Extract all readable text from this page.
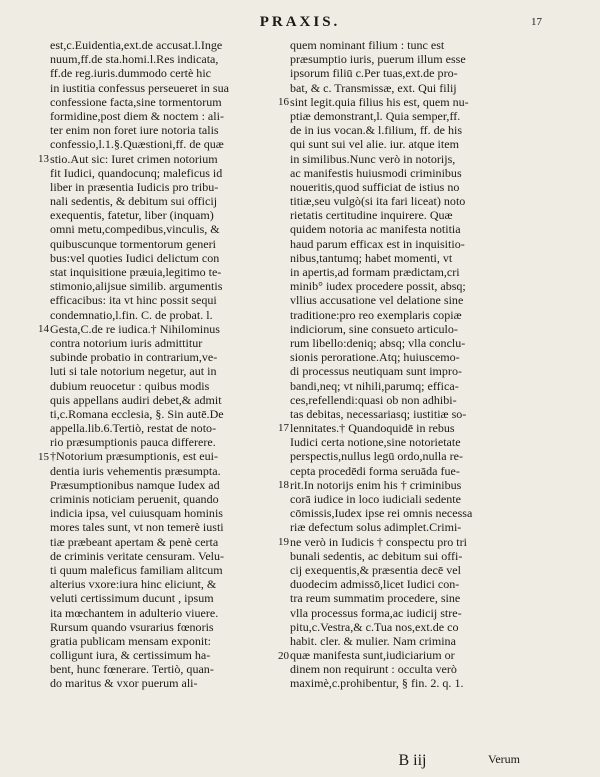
PRAXIS.	17
est,c.Euidentia,ext.de accusat.l.Inge
nuum,ff.de sta.homi.l.Res indicata,
ff.de reg.iuris.dummodo certè hic
in iustitia confessus perseueret in sua
confessione facta,sine tormentorum
formidine,post diem & noctem : ali-
ter enim non foret iure notoria talis
confessio,l.1.§.Quæstioni,ff. de quæ
stio.Aut sic: Iuret crimen notorium
fit Iudici, quandocunq; maleficus id
liber in præsentia Iudicis pro tribu-
nali sedentis, & debitum sui officij
exequentis, fatetur, liber (inquam)
omni metu,compedibus,vinculis, &
quibuscunque tormentorum generi
bus:vel quoties Iudici delictum con
stat inquisitione præuia,legitimo te-
stimonio,alijsue similib. argumentis
efficacibus: ita vt hinc possit sequi
condemnatio,l.fin. C. de probat. l.
Gesta,C.de re iudica.† Nihilominus
contra notorium iuris admittitur
subinde probatio in contrarium,ve-
luti si tale notorium negetur, aut in
dubium reuocetur : quibus modis
quis appellans audiri debet,& admit
ti,c.Romana ecclesia, §. Sin autē.De
appella.lib.6.Tertiò, restat de noto-
rio præsumptionis pauca differere.
†Notorium præsumptionis, est eui-
dentia iuris vehementis præsumpta.
Præsumptionibus namque Iudex ad
criminis noticiam peruenit, quando
indicia ipsa, vel cuiusquam hominis
mores tales sunt, vt non temerè iusti
tiæ præbeant apertam & penè certa
de criminis veritate censuram. Velu-
ti quum maleficus familiam alitcum
alterius vxore:iura hinc eliciunt, &
veluti certissimum ducunt , ipsum
ita mœchantem in adulterio viuere.
Rursum quando vsurarius fœnoris
gratia publicam mensam exponit:
colligunt iura, & certissimum ha-
bent, hunc fœnerare. Tertiò, quan-
do maritus & vxor puerum ali-
quem nominant filium : tunc est
præsumptio iuris, puerum illum esse
ipsorum filiū c.Per tuas,ext.de pro-
bat, & c. Transmissæ, ext. Qui filij
sint legit.quia filius his est, quem nu-
ptiæ demonstrant,l. Quia semper,ff.
de in ius vocan.& l.filium, ff. de his
qui sunt sui vel alie. iur. atque item
in similibus.Nunc verò in notorijs,
ac manifestis huiusmodi criminibus
noueritis,quod sufficiat de istius no
titiæ,seu vulgò(si ita fari liceat) noto
rietatis certitudine inquirere. Quæ
quidem notoria ac manifesta notitia
haud parum efficax est in inquisitio-
nibus,tantumq; habet momenti, vt
in apertis,ad formam prædictam,cri
minib° iudex procedere possit, absq;
vllius accusatione vel delatione sine
traditione:pro reo exemplaris copiæ
indiciorum, sine consueto articulo-
rum libello:deniq; absq; vlla conclu-
sionis peroratione.Atq; huiuscemo-
di processus neutiquam sunt impro-
bandi,neq; vt nihili,parumq; effica-
ces,refellendi:quasi ob non adhibi-
tas debitas, necessariasq; iustitiæ so-
lennitates.† Quandoquidē in rebus
Iudici certa notione,sine notorietate
perspectis,nullus legū ordo,nulla re-
cepta procedēdi forma seruāda fue-
rit.In notorijs enim his † criminibus
corā iudice in loco iudiciali sedente
cōmissis,Iudex ipse rei omnis necessa
riæ defectum solus adimplet.Crimi-
ne verò in Iudicis † conspectu pro tri
bunali sedentis, ac debitum sui offi-
cij exequentis,& præsentia decē vel
duodecim admissō,licet Iudici con-
tra reum summatim procedere, sine
vlla processus forma,ac iudicij stre-
pitu,c.Vestra,& c.Tua nos,ext.de co
habit. cler. & mulier. Nam crimina
quæ manifesta sunt,iudiciarium or
dinem non requirunt : occulta verò
maximè,c.prohibentur, § fin. 2. q. 1.
13
14
15
16
17
18
19
20
B iij	Verum
